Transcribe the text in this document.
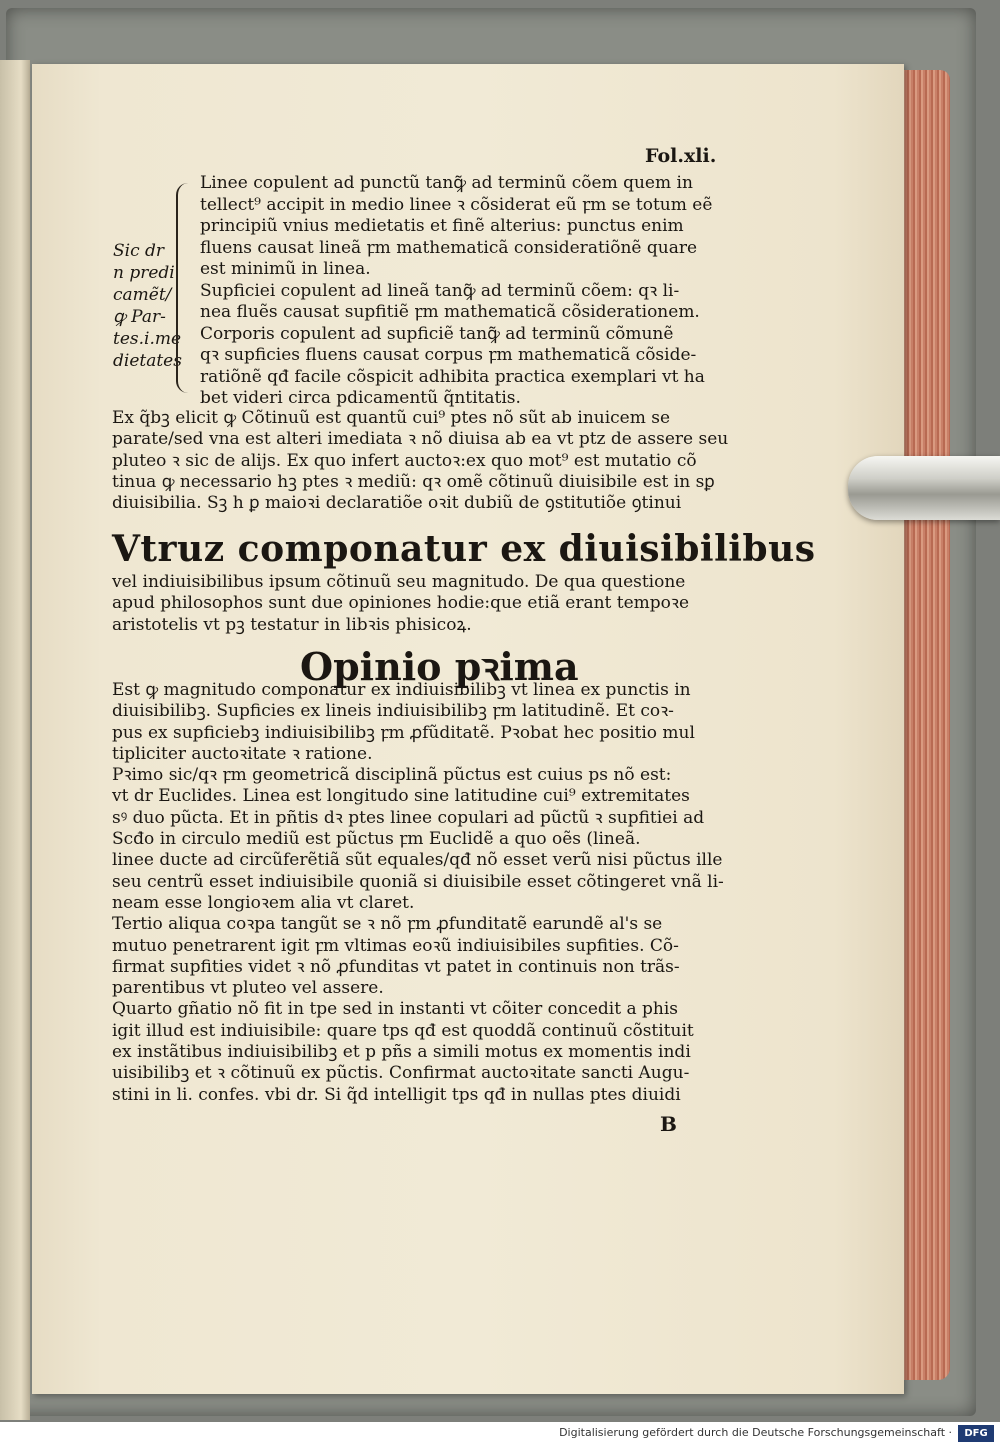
Fol.xli.
Sic dr
n predi
camẽt/
ꝙ Par-
tes.i.me
dietates
Linee copulent ad punctũ tanꝙ̃ ad terminũ cõem quem in
tellect⁹ accipit in medio linee ꝛ cõsiderat eũ ꝼm se totum eẽ
principiũ vnius medietatis et finẽ alterius: punctus enim
fluens causat lineã ꝼm mathematicã consideratiõnẽ quare
est minimũ in linea.
Supficiei copulent ad lineã tanꝙ̃ ad terminũ cõem: qꝛ li-
nea fluẽs causat supfitiẽ ꝼm mathematicã cõsiderationem.
Corporis copulent ad supficiẽ tanꝙ̃ ad terminũ cõmunẽ
qꝛ supficies fluens causat corpus ꝼm mathematicã cõside-
ratiõnẽ qđ facile cõspicit adhibita practica exemplari vt ha
bet videri circa pdicamentũ q̃ntitatis.
Ex q̃bꝫ elicit ꝙ Cõtinuũ est quantũ cui⁹ ptes nõ sũt ab inuicem se
parate/sed vna est alteri imediata ꝛ nõ diuisa ab ea vt ptz de assere seu
pluteo ꝛ sic de alijs. Ex quo infert auctoꝛ:ex quo mot⁹ est mutatio cõ
tinua ꝙ necessario hꝫ ptes ꝛ mediũ: qꝛ omẽ cõtinuũ diuisibile est in sꝑ
diuisibilia. Sꝫ h ꝑ maioꝛi declaratiõe oꝛit dubiũ de ꝯstitutiõe ꝯtinui
Vtruz componatur ex diuisibilibus
vel indiuisibilibus ipsum cõtinuũ seu magnitudo. De qua questione
apud philosophos sunt due opiniones hodie:que etiã erant tempoꝛe
aristotelis vt pꝫ testatur in libꝛis phisicoꝝ.
Opinio pꝛima
Est ꝙ magnitudo componatur ex indiuisibilibꝫ vt linea ex punctis in
diuisibilibꝫ. Supficies ex lineis indiuisibilibꝫ ꝼm latitudinẽ. Et coꝛ-
pus ex supficiebꝫ indiuisibilibꝫ ꝼm ꝓfũditatẽ. Pꝛobat hec positio mul
tipliciter auctoꝛitate ꝛ ratione.
Pꝛimo sic/qꝛ ꝼm geometricã disciplinã pũctus est cuius ps nõ est:
vt dr Euclides. Linea est longitudo sine latitudine cui⁹ extremitates
sꝰ duo pũcta. Et in pñtis dꝛ ptes linee copulari ad pũctũ ꝛ supfitiei ad
Scđo in circulo mediũ est pũctus ꝼm Euclidẽ a quo oẽs (lineã.
linee ducte ad circũferẽtiã sũt equales/qđ nõ esset verũ nisi pũctus ille
seu centrũ esset indiuisibile quoniã si diuisibile esset cõtingeret vnã li-
neam esse longioꝛem alia vt claret.
Tertio aliqua coꝛpa tangũt se ꝛ nõ ꝼm ꝓfunditatẽ earundẽ al's se
mutuo penetrarent igit ꝼm vltimas eoꝛũ indiuisibiles supfities. Cõ-
firmat supfities videt ꝛ nõ ꝓfunditas vt patet in continuis non trãs-
parentibus vt pluteo vel assere.
Quarto gñatio nõ fit in tpe sed in instanti vt cõiter concedit a phis
igit illud est indiuisibile: quare tps qđ est quoddã continuũ cõstituit
ex instãtibus indiuisibilibꝫ et p pñs a simili motus ex momentis indi
uisibilibꝫ et ꝛ cõtinuũ ex pũctis. Confirmat auctoꝛitate sancti Augu-
stini in li. confes. vbi dr. Si q̃d intelligit tps qđ in nullas ptes diuidi
B
Digitalisierung gefördert durch die Deutsche Forschungsgemeinschaft ·	DFG
